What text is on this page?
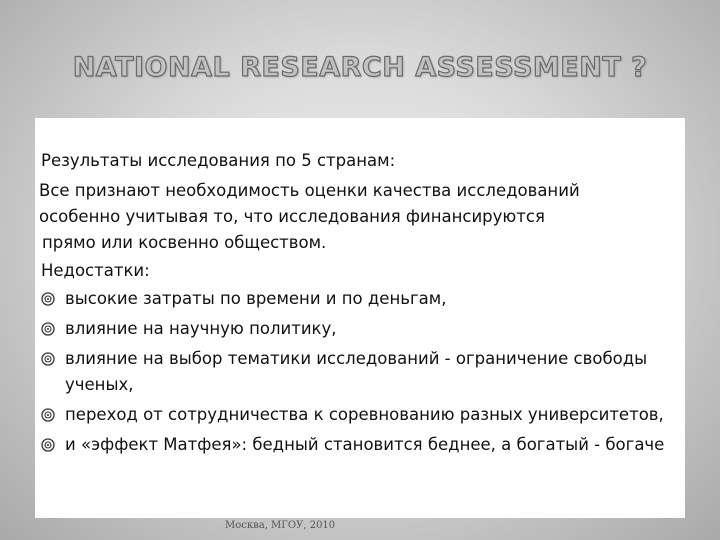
NATIONAL RESEARCH ASSESSMENT ?
Результаты исследования по 5 странам:
Все признают необходимость оценки качества исследований
особенно учитывая то, что исследования финансируются
прямо или косвенно обществом.
Недостатки:
высокие затраты по времени и по деньгам,
влияние на научную политику,
влияние на выбор тематики исследований - ограничение свободы ученых,
переход от сотрудничества к соревнованию разных университетов,
и «эффект Матфея»: бедный становится беднее, а богатый - богаче
Москва, МГОУ, 2010
